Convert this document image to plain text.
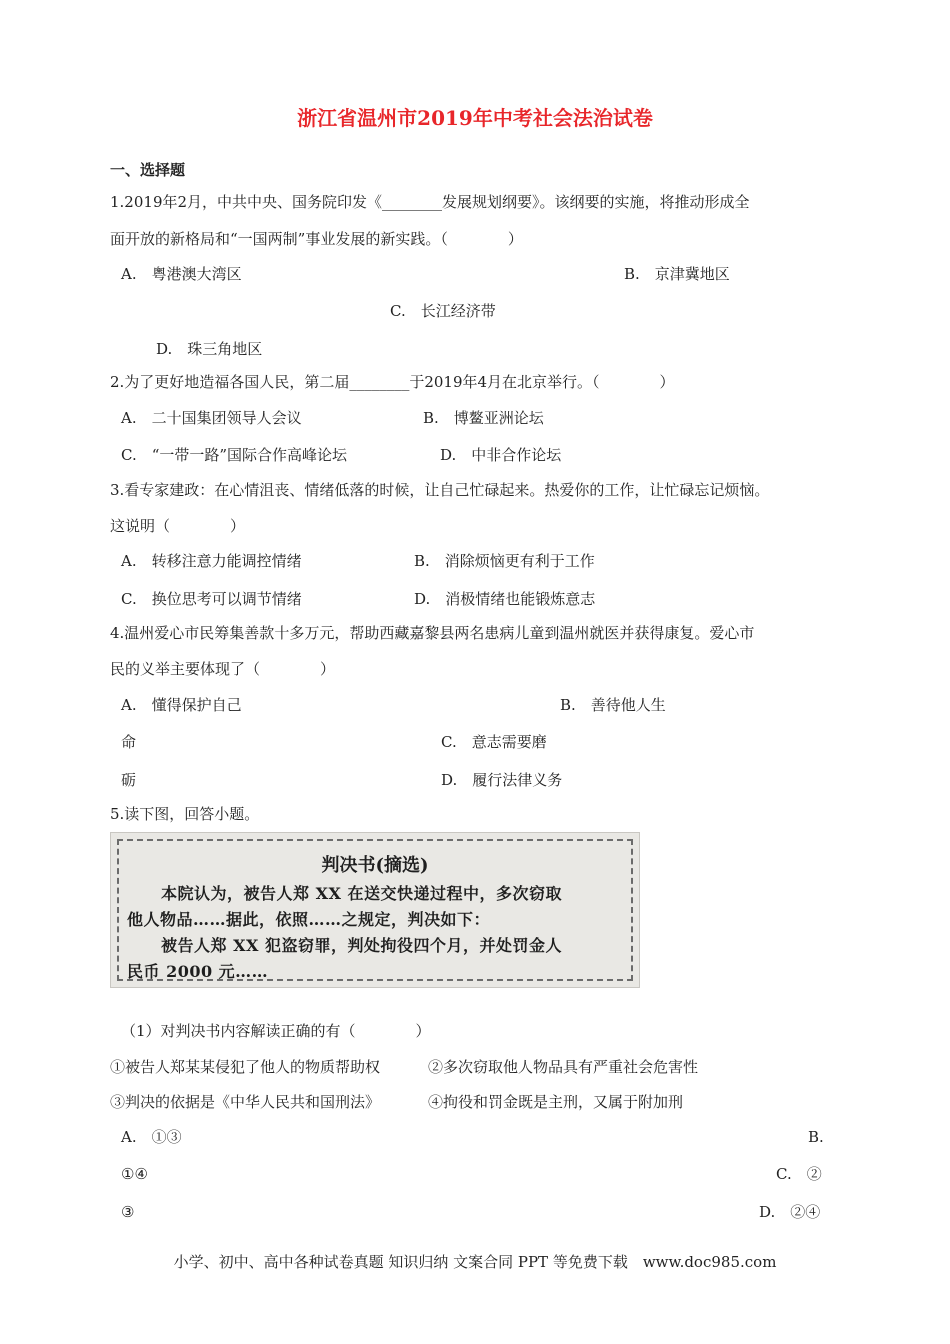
浙江省温州市2019年中考社会法治试卷
一、选择题
1.2019年2月，中共中央、国务院印发《________发展规划纲要》。该纲要的实施，将推动形成全
面开放的新格局和“一国两制”事业发展的新实践。（　　　　）
A.　粤港澳大湾区	B.　京津冀地区
C.　长江经济带
D.　珠三角地区
2.为了更好地造福各国人民，第二届________于2019年4月在北京举行。（　　　　）
A.　二十国集团领导人会议	B.　博鳌亚洲论坛
C.　“一带一路”国际合作高峰论坛	D.　中非合作论坛
3.看专家建政：在心情沮丧、情绪低落的时候，让自己忙碌起来。热爱你的工作，让忙碌忘记烦恼。
这说明（　　　　）
A.　转移注意力能调控情绪	B.　消除烦恼更有利于工作
C.　换位思考可以调节情绪	D.　消极情绪也能锻炼意志
4.温州爱心市民筹集善款十多万元，帮助西藏嘉黎县两名患病儿童到温州就医并获得康复。爱心市
民的义举主要体现了（　　　　）
A.　懂得保护自己	B.　善待他人生
命	C.　意志需要磨
砺	D.　履行法律义务
5.读下图，回答小题。
判决书(摘选)
本院认为，被告人郑 XX 在送交快递过程中，多次窃取
他人物品……据此，依照……之规定，判决如下：
被告人郑 XX 犯盗窃罪，判处拘役四个月，并处罚金人
民币 2000 元……
（1）对判决书内容解读正确的有（　　　　）
①被告人郑某某侵犯了他人的物质帮助权	②多次窃取他人物品具有严重社会危害性
③判决的依据是《中华人民共和国刑法》	④拘役和罚金既是主刑，又属于附加刑
A.　①③	B.
①④	C.　②
③	D.　②④
小学、初中、高中各种试卷真题 知识归纳 文案合同 PPT 等免费下载　www.doc985.com
